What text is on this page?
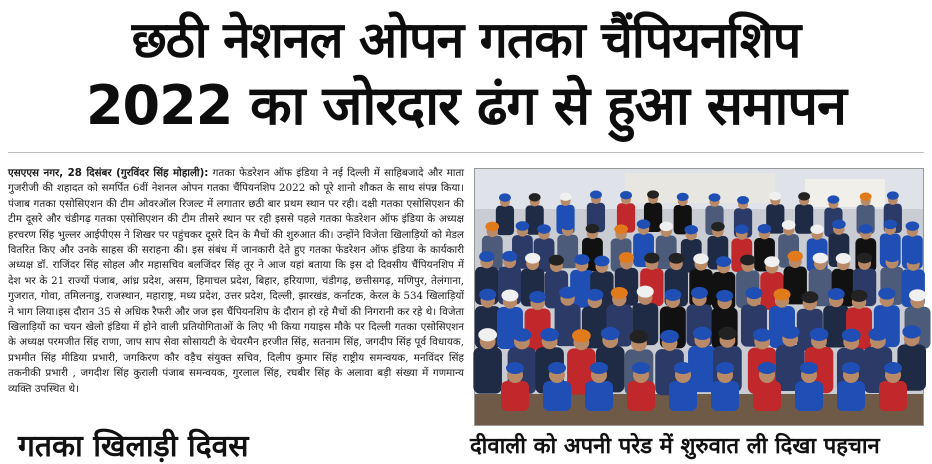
छठी नेशनल ओपन गतका चैंपियनशिप
2022 का जोरदार ढंग से हुआ समापन
एसएएस नगर, 28 दिसंबर (गुरविंदर सिंह मोहाली): गतका फेडरेशन ऑफ इंडिया ने नई दिल्ली में साहिबजादे और माता गुजरीजी की शहादत को समर्पित 6वीं नेशनल ओपन गतका चैंपियनशिप 2022 को पूरे शानो शौकत के साथ संपन्न किया। पंजाब गतका एसोसिएशन की टीम ओवरऑल रिजल्ट में लगातार छठी बार प्रथम स्थान पर रही। दक्षी गतका एसोसिएशन की टीम दूसरे और चंडीगढ़ गतका एसोसिएशन की टीम तीसरे स्थान पर रही इससे पहले गतका फेडरेशन ऑफ इंडिया के अध्यक्ष हरचरण सिंह भुल्लर आईपीएस ने शिखर पर पहुंचकर दूसरे दिन के मैचों की शुरुआत की। उन्होंने विजेता खिलाड़ियों को मेडल वितरित किए और उनके साहस की सराहना की। इस संबंध में जानकारी देते हुए गतका फेडरेशन ऑफ इंडिया के कार्यकारी अध्यक्ष डॉ. राजिंदर सिंह सोहल और महासचिव बलजिंदर सिंह तूर ने आज यहां बताया कि इस दो दिवसीय चैंपियनशिप में देश भर के 21 राज्यों पंजाब, आंध्र प्रदेश, असम, हिमाचल प्रदेश, बिहार, हरियाणा, चंडीगढ़, छत्तीसगढ़, मणिपुर, तेलंगाना, गुजरात, गोवा, तमिलनाडु, राजस्थान, महाराष्ट्र, मध्य प्रदेश, उत्तर प्रदेश, दिल्ली, झारखंड, कर्नाटक, केरल के 534 खिलाड़ियों ने भाग लिया।इस दौरान 35 से अधिक रैफरी और जज इस चैंपियनशिप के दौरान हो रहे मैचों की निगरानी कर रहे थे। विजेता खिलाड़ियों का चयन खेलो इंडिया में होने वाली प्रतियोगिताओं के लिए भी किया गयाइस मौके पर दिल्ली गतका एसोसिएशन के अध्यक्ष परमजीत सिंह राणा, जाप साप सेवा सोसायटी के चेयरमैन हरजीत सिंह, सतनाम सिंह, जगदीप सिंह पूर्व विधायक, प्रभमीत सिंह मीडिया प्रभारी, जगकिरण कौर वड़ैच संयुक्त सचिव, दिलीप कुमार सिंह राष्ट्रीय समन्वयक, मनविंदर सिंह तकनीकी प्रभारी , जगदीश सिंह कुराली पंजाब समन्वयक, गुरलाल सिंह, रघबीर सिंह के अलावा बड़ी संख्या में गणमान्य व्यक्ति उपस्थित थे।
गतका खिलाड़ी दिवस	दीवाली को अपनी परेड में शुरुवात ली दिखा पहचान
